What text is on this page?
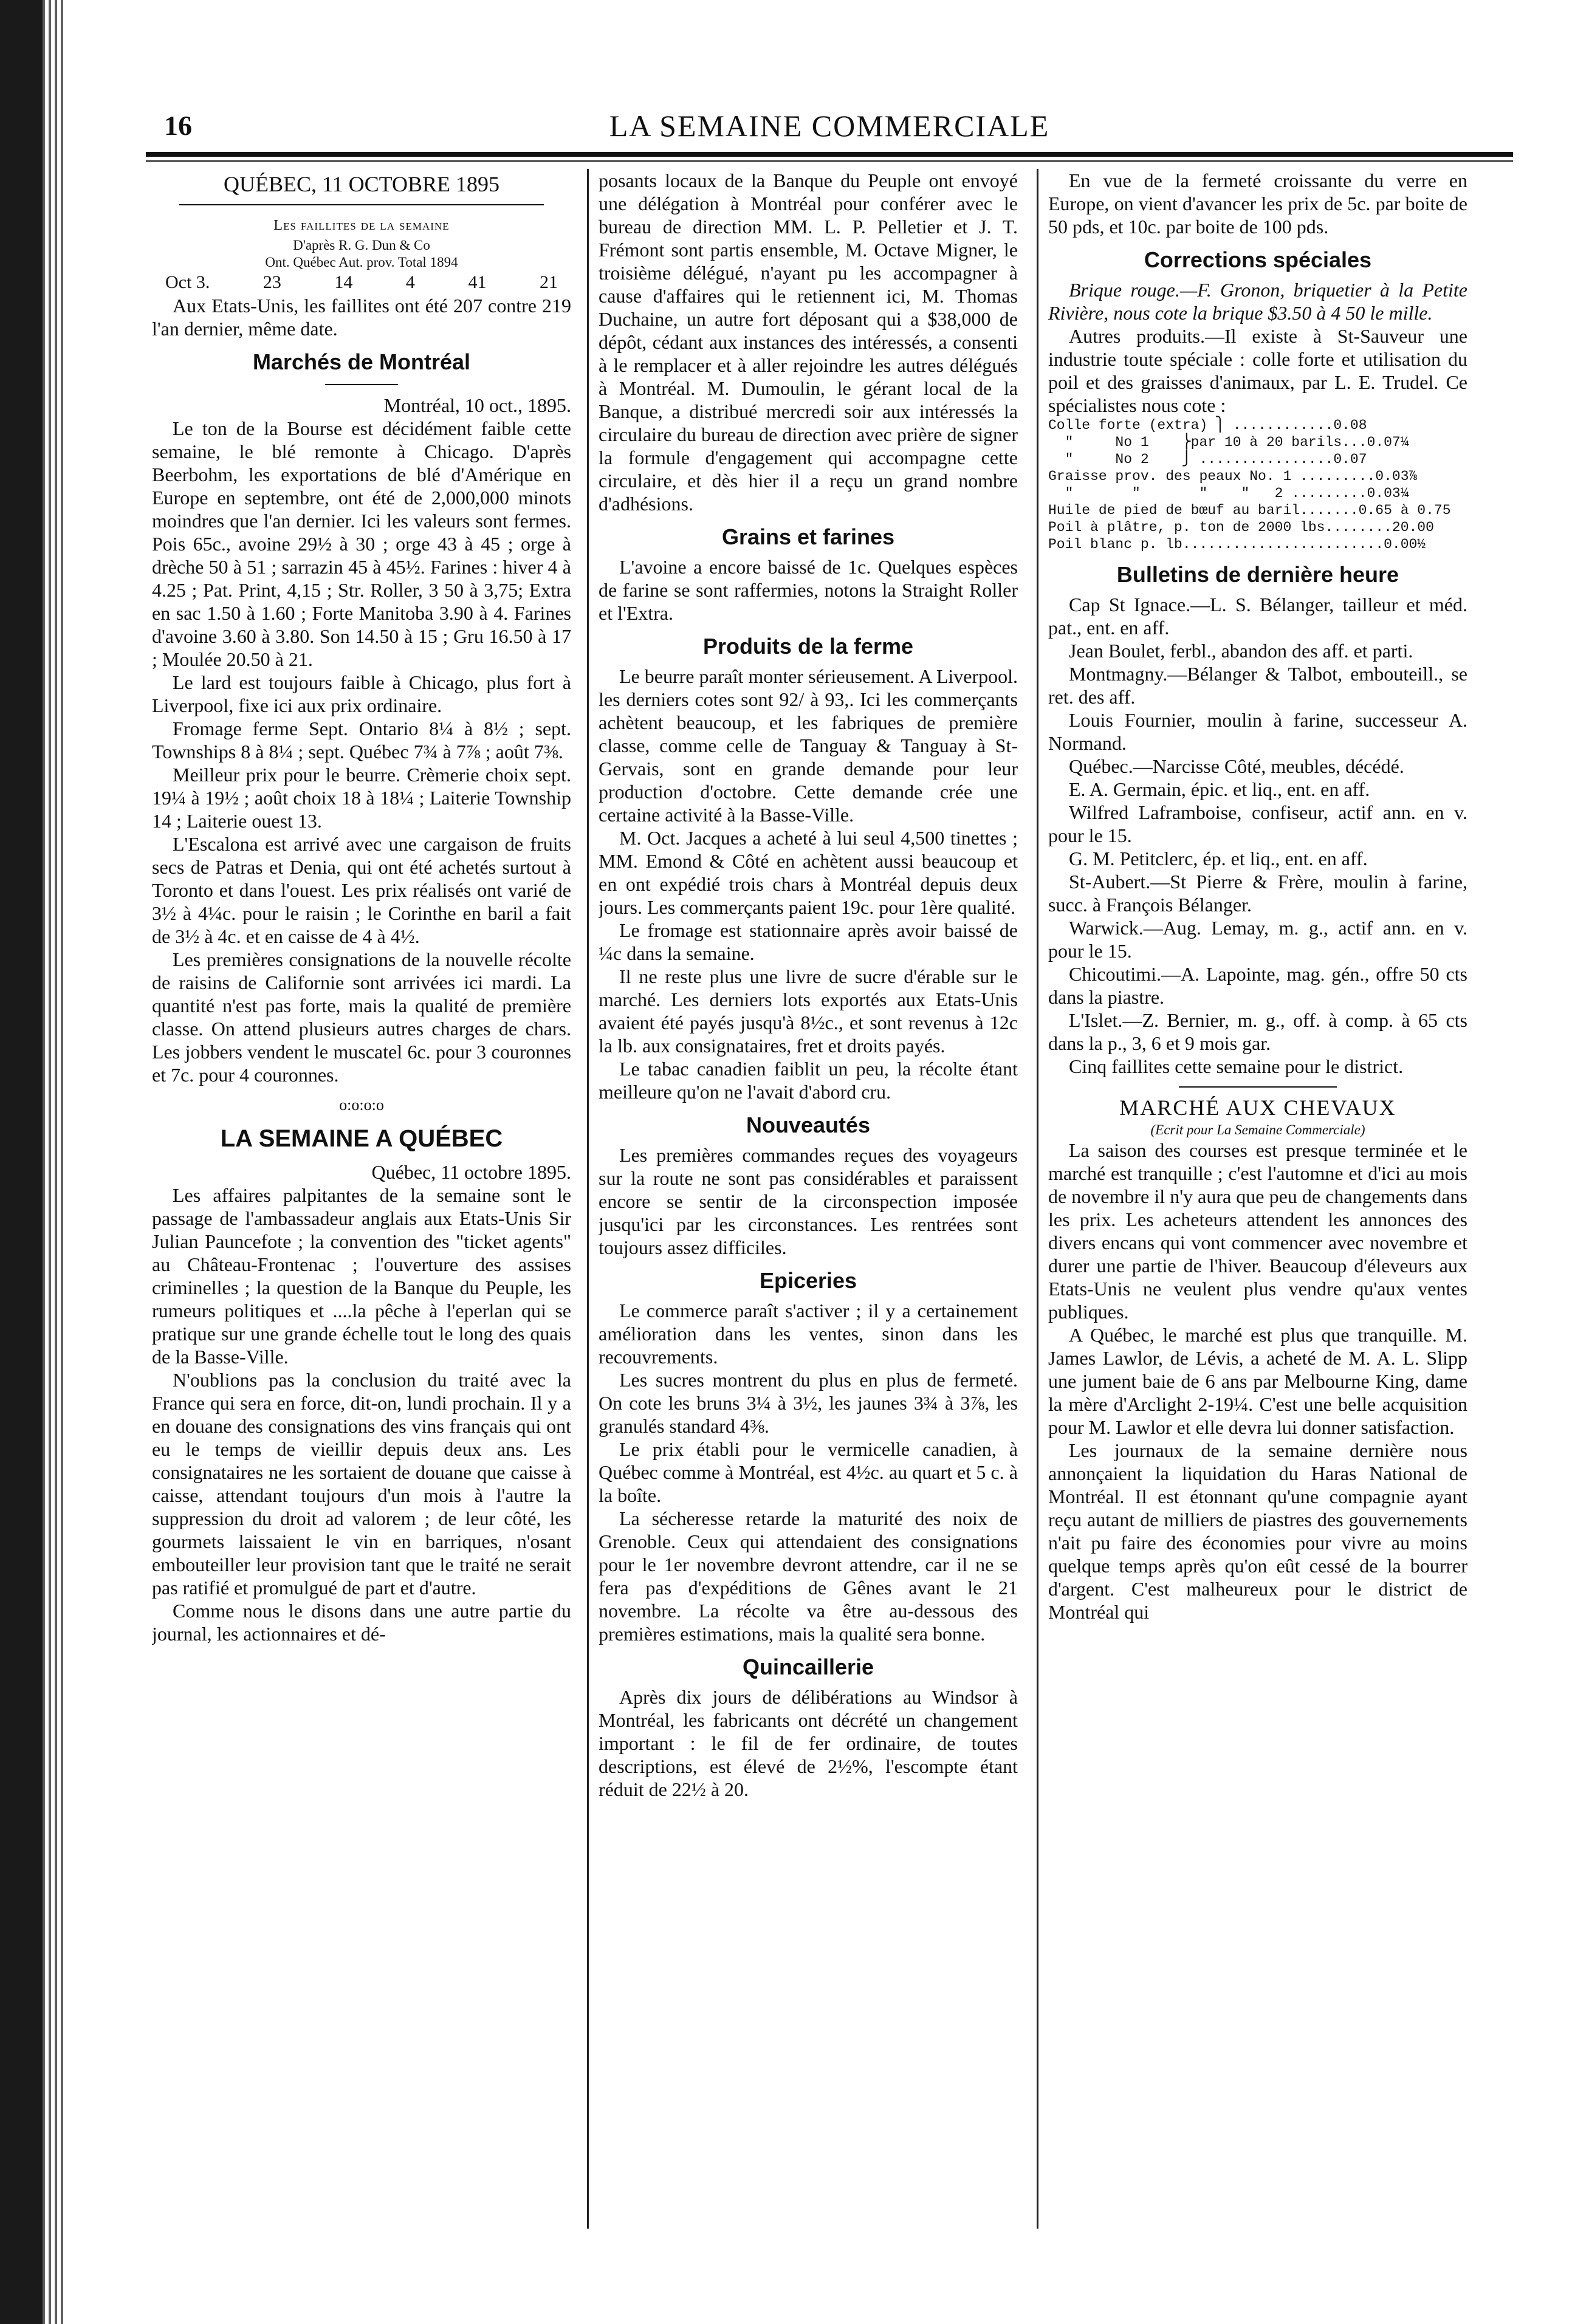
16	LA SEMAINE COMMERCIALE
QUÉBEC, 11 OCTOBRE 1895
Les faillites de la semaine
D'après R. G. Dun & Co
Ont. Québec Aut. prov. Total 1894
Oct 3.	23	14	4	41	21

Aux Etats-Unis, les faillites ont été 207 contre 219 l'an dernier, même date.

Marchés de Montréal
Montréal, 10 oct., 1895.

Le ton de la Bourse est décidément faible cette semaine, le blé remonte à Chicago. D'après Beerbohm, les exportations de blé d'Amérique en Europe en septembre, ont été de 2,000,000 minots moindres que l'an dernier. Ici les valeurs sont fermes. Pois 65c., avoine 29½ à 30 ; orge 43 à 45 ; orge à drèche 50 à 51 ; sarrazin 45 à 45½. Farines : hiver 4 à 4.25 ; Pat. Print, 4,15 ; Str. Roller, 3 50 à 3,75; Extra en sac 1.50 à 1.60 ; Forte Manitoba 3.90 à 4. Farines d'avoine 3.60 à 3.80. Son 14.50 à 15 ; Gru 16.50 à 17 ; Moulée 20.50 à 21.

Le lard est toujours faible à Chicago, plus fort à Liverpool, fixe ici aux prix ordinaire.

Fromage ferme Sept. Ontario 8¼ à 8½ ; sept. Townships 8 à 8¼ ; sept. Québec 7¾ à 7⅞ ; août 7⅜.

Meilleur prix pour le beurre. Crèmerie choix sept. 19¼ à 19½ ; août choix 18 à 18¼ ; Laiterie Township 14 ; Laiterie ouest 13.

L'Escalona est arrivé avec une cargaison de fruits secs de Patras et Denia, qui ont été achetés surtout à Toronto et dans l'ouest. Les prix réalisés ont varié de 3½ à 4¼c. pour le raisin ; le Corinthe en baril a fait de 3½ à 4c. et en caisse de 4 à 4½.

Les premières consignations de la nouvelle récolte de raisins de Californie sont arrivées ici mardi. La quantité n'est pas forte, mais la qualité de première classe. On attend plusieurs autres charges de chars. Les jobbers vendent le muscatel 6c. pour 3 couronnes et 7c. pour 4 couronnes.

o:o:o:o
LA SEMAINE A QUÉBEC
Québec, 11 octobre 1895.

Les affaires palpitantes de la semaine sont le passage de l'ambassadeur anglais aux Etats-Unis Sir Julian Pauncefote ; la convention des "ticket agents" au Château-Frontenac ; l'ouverture des assises criminelles ; la question de la Banque du Peuple, les rumeurs politiques et ....la pêche à l'eperlan qui se pratique sur une grande échelle tout le long des quais de la Basse-Ville.

N'oublions pas la conclusion du traité avec la France qui sera en force, dit-on, lundi prochain. Il y a en douane des consignations des vins français qui ont eu le temps de vieillir depuis deux ans. Les consignataires ne les sortaient de douane que caisse à caisse, attendant toujours d'un mois à l'autre la suppression du droit ad valorem ; de leur côté, les gourmets laissaient le vin en barriques, n'osant embouteiller leur provision tant que le traité ne serait pas ratifié et promulgué de part et d'autre.

Comme nous le disons dans une autre partie du journal, les actionnaires et dé-

posants locaux de la Banque du Peuple ont envoyé une délégation à Montréal pour conférer avec le bureau de direction MM. L. P. Pelletier et J. T. Frémont sont partis ensemble, M. Octave Migner, le troisième délégué, n'ayant pu les accompagner à cause d'affaires qui le retiennent ici, M. Thomas Duchaine, un autre fort déposant qui a $38,000 de dépôt, cédant aux instances des intéressés, a consenti à le remplacer et à aller rejoindre les autres délégués à Montréal. M. Dumoulin, le gérant local de la Banque, a distribué mercredi soir aux intéressés la circulaire du bureau de direction avec prière de signer la formule d'engagement qui accompagne cette circulaire, et dès hier il a reçu un grand nombre d'adhésions.

Grains et farines

L'avoine a encore baissé de 1c. Quelques espèces de farine se sont raffermies, notons la Straight Roller et l'Extra.

Produits de la ferme

Le beurre paraît monter sérieusement. A Liverpool. les derniers cotes sont 92/ à 93,. Ici les commerçants achètent beaucoup, et les fabriques de première classe, comme celle de Tanguay & Tanguay à St-Gervais, sont en grande demande pour leur production d'octobre. Cette demande crée une certaine activité à la Basse-Ville.

M. Oct. Jacques a acheté à lui seul 4,500 tinettes ; MM. Emond & Côté en achètent aussi beaucoup et en ont expédié trois chars à Montréal depuis deux jours. Les commerçants paient 19c. pour 1ère qualité.

Le fromage est stationnaire après avoir baissé de ¼c dans la semaine.

Il ne reste plus une livre de sucre d'érable sur le marché. Les derniers lots exportés aux Etats-Unis avaient été payés jusqu'à 8½c., et sont revenus à 12c la lb. aux consignataires, fret et droits payés.

Le tabac canadien faiblit un peu, la récolte étant meilleure qu'on ne l'avait d'abord cru.

Nouveautés

Les premières commandes reçues des voyageurs sur la route ne sont pas considérables et paraissent encore se sentir de la circonspection imposée jusqu'ici par les circonstances. Les rentrées sont toujours assez difficiles.

Epiceries

Le commerce paraît s'activer ; il y a certainement amélioration dans les ventes, sinon dans les recouvrements.

Les sucres montrent du plus en plus de fermeté. On cote les bruns 3¼ à 3½, les jaunes 3¾ à 3⅞, les granulés standard 4⅜.

Le prix établi pour le vermicelle canadien, à Québec comme à Montréal, est 4½c. au quart et 5 c. à la boîte.

La sécheresse retarde la maturité des noix de Grenoble. Ceux qui attendaient des consignations pour le 1er novembre devront attendre, car il ne se fera pas d'expéditions de Gênes avant le 21 novembre. La récolte va être au-dessous des premières estimations, mais la qualité sera bonne.

Quincaillerie

Après dix jours de délibérations au Windsor à Montréal, les fabricants ont décrété un changement important : le fil de fer ordinaire, de toutes descriptions, est élevé de 2½%, l'escompte étant réduit de 22½ à 20.

En vue de la fermeté croissante du verre en Europe, on vient d'avancer les prix de 5c. par boite de 50 pds, et 10c. par boite de 100 pds.

Corrections spéciales

Brique rouge.—F. Gronon, briquetier à la Petite Rivière, nous cote la brique $3.50 à 4 50 le mille.

Autres produits.—Il existe à St-Sauveur une industrie toute spéciale : colle forte et utilisation du poil et des graisses d'animaux, par L. E. Trudel. Ce spécialistes nous cote :

Colle forte (extra) ⎫ ............0.08
"     No 1    ⎬par 10 à 20 barils...0.07¼
"     No 2    ⎭ ................0.07
Graisse prov. des peaux No. 1 .........0.03⅞
"       "       "    "   2 .........0.03¼
Huile de pied de bœuf au baril.......0.65 à 0.75
Poil à plâtre, p. ton de 2000 lbs........20.00
Poil blanc p. lb........................0.00½
Bulletins de dernière heure

Cap St Ignace.—L. S. Bélanger, tailleur et méd. pat., ent. en aff.

Jean Boulet, ferbl., abandon des aff. et parti.

Montmagny.—Bélanger & Talbot, embouteill., se ret. des aff.

Louis Fournier, moulin à farine, successeur A. Normand.

Québec.—Narcisse Côté, meubles, décédé.

E. A. Germain, épic. et liq., ent. en aff.

Wilfred Laframboise, confiseur, actif ann. en v. pour le 15.

G. M. Petitclerc, ép. et liq., ent. en aff.

St-Aubert.—St Pierre & Frère, moulin à farine, succ. à François Bélanger.

Warwick.—Aug. Lemay, m. g., actif ann. en v. pour le 15.

Chicoutimi.—A. Lapointe, mag. gén., offre 50 cts dans la piastre.

L'Islet.—Z. Bernier, m. g., off. à comp. à 65 cts dans la p., 3, 6 et 9 mois gar.

Cinq faillites cette semaine pour le district.

MARCHÉ AUX CHEVAUX
(Ecrit pour La Semaine Commerciale)

La saison des courses est presque terminée et le marché est tranquille ; c'est l'automne et d'ici au mois de novembre il n'y aura que peu de changements dans les prix. Les acheteurs attendent les annonces des divers encans qui vont commencer avec novembre et durer une partie de l'hiver. Beaucoup d'éleveurs aux Etats-Unis ne veulent plus vendre qu'aux ventes publiques.

A Québec, le marché est plus que tranquille. M. James Lawlor, de Lévis, a acheté de M. A. L. Slipp une jument baie de 6 ans par Melbourne King, dame la mère d'Arclight 2-19¼. C'est une belle acquisition pour M. Lawlor et elle devra lui donner satisfaction.

Les journaux de la semaine dernière nous annonçaient la liquidation du Haras National de Montréal. Il est étonnant qu'une compagnie ayant reçu autant de milliers de piastres des gouvernements n'ait pu faire des économies pour vivre au moins quelque temps après qu'on eût cessé de la bourrer d'argent. C'est malheureux pour le district de Montréal qui
